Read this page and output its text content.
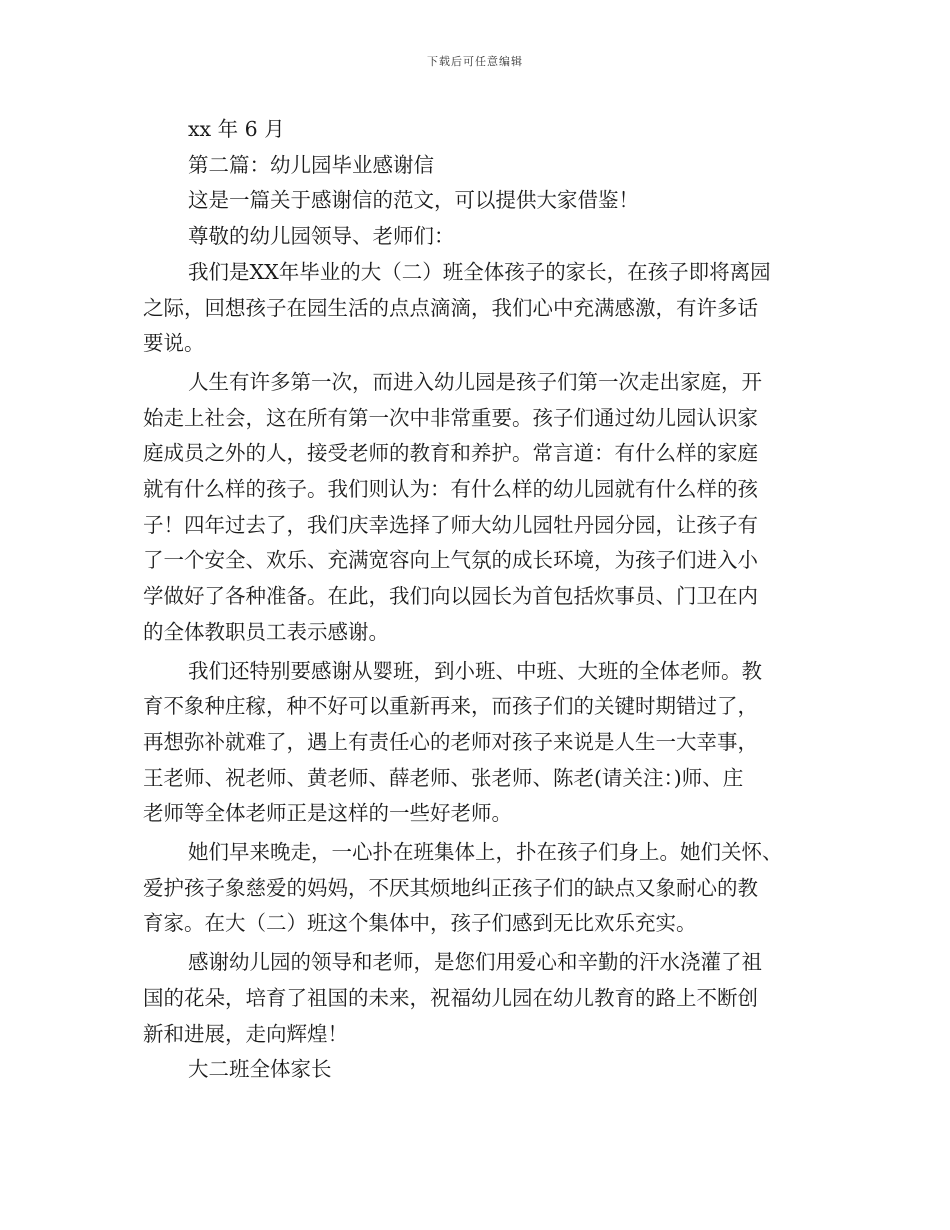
下载后可任意编辑
xx 年 6 月
第二篇：幼儿园毕业感谢信
这是一篇关于感谢信的范文，可以提供大家借鉴！
尊敬的幼儿园领导、老师们：
我们是XX年毕业的大（二）班全体孩子的家长，在孩子即将离园
之际，回想孩子在园生活的点点滴滴，我们心中充满感激，有许多话
要说。
人生有许多第一次，而进入幼儿园是孩子们第一次走出家庭，开
始走上社会，这在所有第一次中非常重要。孩子们通过幼儿园认识家
庭成员之外的人，接受老师的教育和养护。常言道：有什么样的家庭
就有什么样的孩子。我们则认为：有什么样的幼儿园就有什么样的孩
子！四年过去了，我们庆幸选择了师大幼儿园牡丹园分园，让孩子有
了一个安全、欢乐、充满宽容向上气氛的成长环境，为孩子们进入小
学做好了各种准备。在此，我们向以园长为首包括炊事员、门卫在内
的全体教职员工表示感谢。
我们还特别要感谢从婴班，到小班、中班、大班的全体老师。教
育不象种庄稼，种不好可以重新再来，而孩子们的关键时期错过了，
再想弥补就难了，遇上有责任心的老师对孩子来说是人生一大幸事，
王老师、祝老师、黄老师、薛老师、张老师、陈老(请关注：)师、庄
老师等全体老师正是这样的一些好老师。
她们早来晚走，一心扑在班集体上，扑在孩子们身上。她们关怀、
爱护孩子象慈爱的妈妈，不厌其烦地纠正孩子们的缺点又象耐心的教
育家。在大（二）班这个集体中，孩子们感到无比欢乐充实。
感谢幼儿园的领导和老师，是您们用爱心和辛勤的汗水浇灌了祖
国的花朵，培育了祖国的未来，祝福幼儿园在幼儿教育的路上不断创
新和进展，走向辉煌！
大二班全体家长
